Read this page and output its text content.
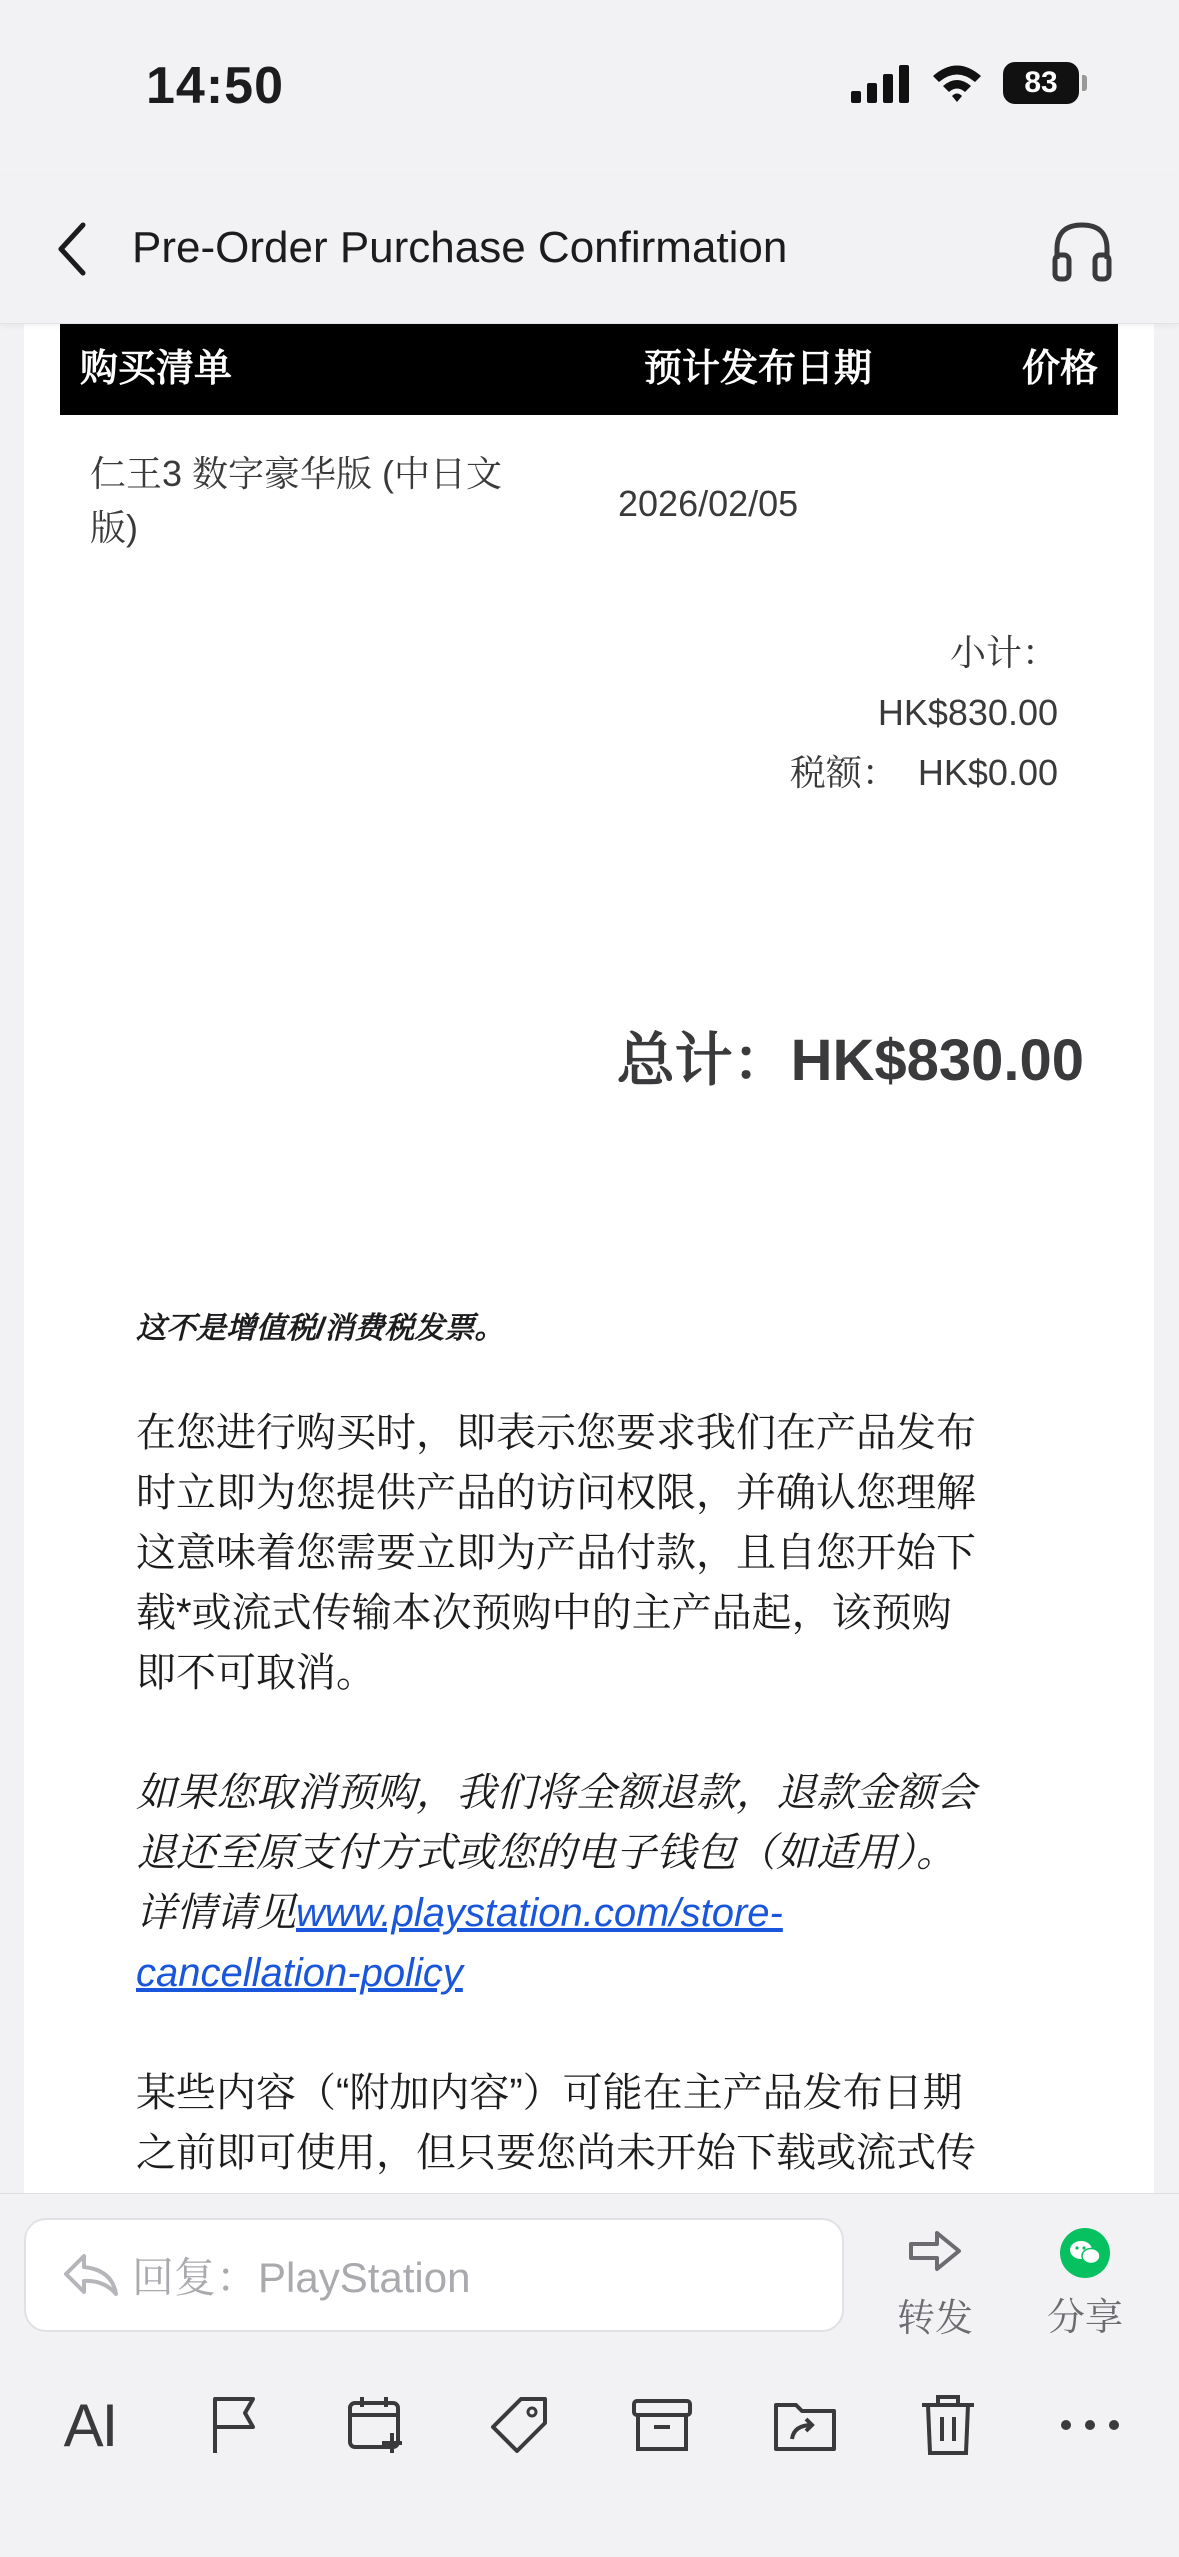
14:50	83
Pre-Order Purchase Confirmation
购买清单	预计发布日期	价格
仁王3 数字豪华版 (中日文
版)
2026/02/05
小计：
HK$830.00
税额： HK$0.00
总计：HK$830.00
这不是增值税/消费税发票。
在您进行购买时，即表示您要求我们在产品发布
时立即为您提供产品的访问权限，并确认您理解
这意味着您需要立即为产品付款，且自您开始下
载*或流式传输本次预购中的主产品起，该预购
即不可取消。
如果您取消预购，我们将全额退款，退款金额会
退还至原支付方式或您的电子钱包（如适用）。
详情请见www.playstation.com/store-
cancellation-policy
某些内容（“附加内容”）可能在主产品发布日期
之前即可使用，但只要您尚未开始下载或流式传
回复：PlayStation
转发	分享
AI
